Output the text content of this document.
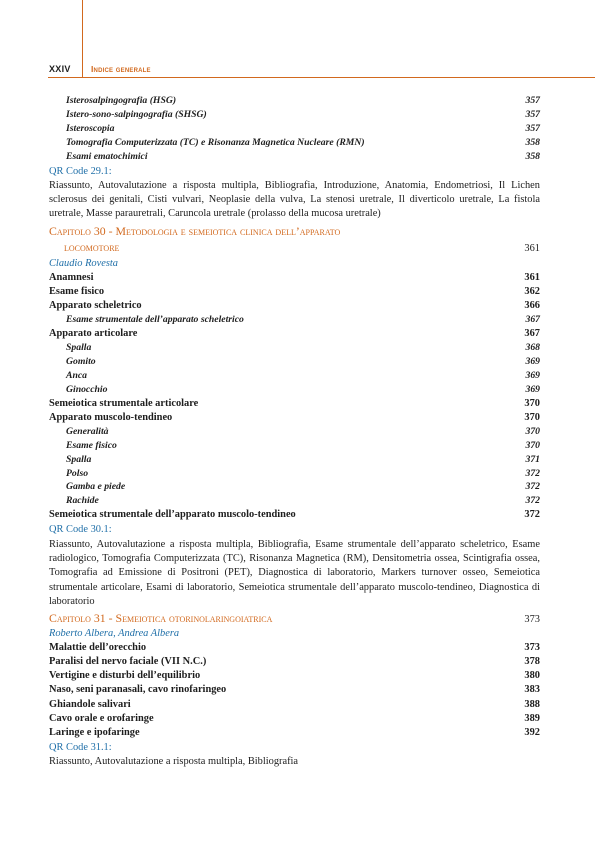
XXIV Indice generale
Isterosalpingografia (HSG)	357
Istero-sono-salpingografia (SHSG)	357
Isteroscopia	357
Tomografia Computerizzata (TC) e Risonanza Magnetica Nucleare (RMN)	358
Esami ematochimici	358
QR Code 29.1:
Riassunto, Autovalutazione a risposta multipla, Bibliografia, Introduzione, Anatomia, Endometriosi, Il Lichen sclerosus dei genitali, Cisti vulvari, Neoplasie della vulva, La stenosi uretrale, Il diverticolo uretrale, La fistola uretrale, Masse parauretrali, Caruncola uretrale (prolasso della mucosa uretrale)
Capitolo 30 - Metodologia e semeiotica clinica dell’apparato
locomotore	361
Claudio Rovesta
Anamnesi	361
Esame fisico	362
Apparato scheletrico	366
Esame strumentale dell’apparato scheletrico	367
Apparato articolare	367
Spalla	368
Gomito	369
Anca	369
Ginocchio	369
Semeiotica strumentale articolare	370
Apparato muscolo-tendineo	370
Generalità	370
Esame fisico	370
Spalla	371
Polso	372
Gamba e piede	372
Rachide	372
Semeiotica strumentale dell’apparato muscolo-tendineo	372
QR Code 30.1:
Riassunto, Autovalutazione a risposta multipla, Bibliografia, Esame strumentale dell’apparato scheletrico, Esame radiologico, Tomografia Computerizzata (TC), Risonanza Magnetica (RM), Densitometria ossea, Scintigrafia ossea, Tomografia ad Emissione di Positroni (PET), Diagnostica di laboratorio, Markers turnover osseo, Semeiotica strumentale articolare, Esami di laboratorio, Semeiotica strumentale dell’apparato muscolo-tendineo, Diagnostica di laboratorio
Capitolo 31 - Semeiotica otorinolaringoiatrica	373
Roberto Albera, Andrea Albera
Malattie dell’orecchio	373
Paralisi del nervo faciale (VII N.C.)	378
Vertigine e disturbi dell’equilibrio	380
Naso, seni paranasali, cavo rinofaringeo	383
Ghiandole salivari	388
Cavo orale e orofaringe	389
Laringe e ipofaringe	392
QR Code 31.1:
Riassunto, Autovalutazione a risposta multipla, Bibliografia
